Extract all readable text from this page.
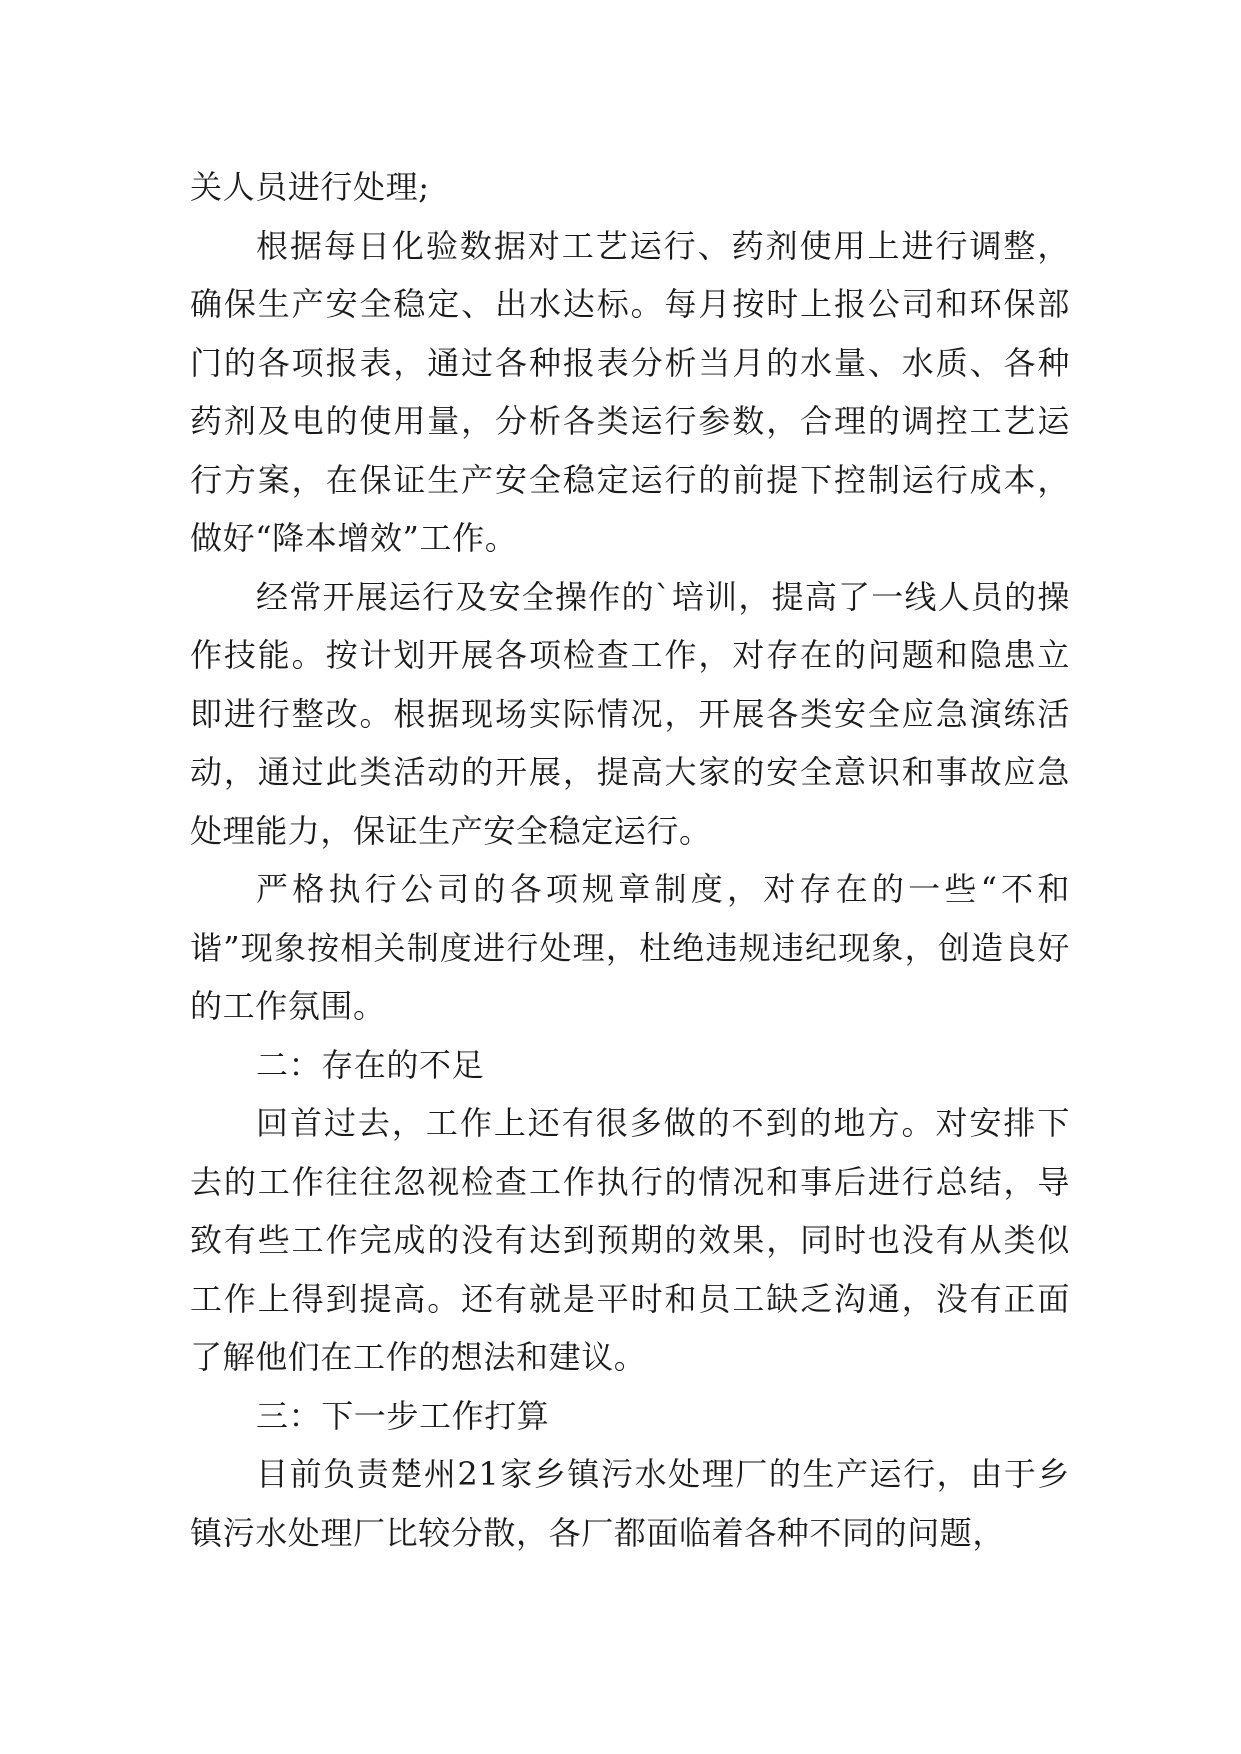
关人员进行处理;

根据每日化验数据对工艺运行、药剂使用上进行调整，确保生产安全稳定、出水达标。每月按时上报公司和环保部门的各项报表，通过各种报表分析当月的水量、水质、各种药剂及电的使用量，分析各类运行参数，合理的调控工艺运行方案，在保证生产安全稳定运行的前提下控制运行成本，做好“降本增效”工作。

经常开展运行及安全操作的`培训，提高了一线人员的操作技能。按计划开展各项检查工作，对存在的问题和隐患立即进行整改。根据现场实际情况，开展各类安全应急演练活动，通过此类活动的开展，提高大家的安全意识和事故应急处理能力，保证生产安全稳定运行。

严格执行公司的各项规章制度，对存在的一些“不和谐”现象按相关制度进行处理，杜绝违规违纪现象，创造良好的工作氛围。

二：存在的不足

回首过去，工作上还有很多做的不到的地方。对安排下去的工作往往忽视检查工作执行的情况和事后进行总结，导致有些工作完成的没有达到预期的效果，同时也没有从类似工作上得到提高。还有就是平时和员工缺乏沟通，没有正面了解他们在工作的想法和建议。

三：下一步工作打算

目前负责楚州21家乡镇污水处理厂的生产运行，由于乡镇污水处理厂比较分散，各厂都面临着各种不同的问题，
